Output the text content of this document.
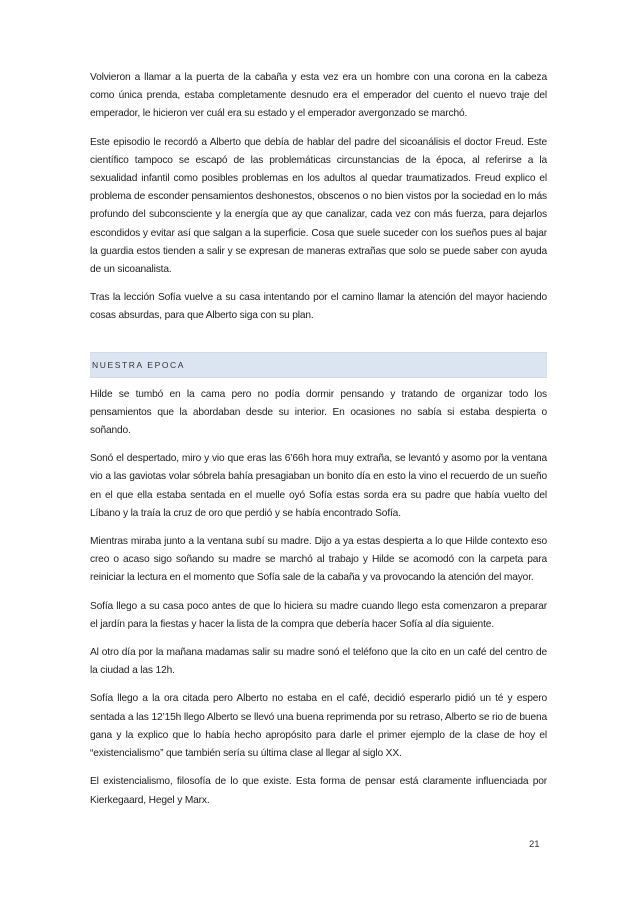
Volvieron a llamar a la puerta de la cabaña y esta vez era un hombre con una corona en la cabeza como única prenda, estaba completamente desnudo era el emperador del cuento el nuevo traje del emperador, le hicieron ver cuál era su estado y el emperador avergonzado se marchó.

Este episodio le recordó a Alberto que debía de hablar del padre del sicoanálisis el doctor Freud. Este científico tampoco se escapó de las problemáticas circunstancias de la época, al referirse a la sexualidad infantil como posibles problemas en los adultos al quedar traumatizados. Freud explico el problema de esconder pensamientos deshonestos, obscenos o no bien vistos por la sociedad en lo más profundo del subconsciente y la energía que ay que canalizar, cada vez con más fuerza, para dejarlos escondidos y evitar así que salgan a la superficie. Cosa que suele suceder con los sueños pues al bajar la guardia estos tienden a salir y se expresan de maneras extrañas que solo se puede saber con ayuda de un sicoanalista.

Tras la lección Sofía vuelve a su casa intentando por el camino llamar la atención del mayor haciendo cosas absurdas, para que Alberto siga con su plan.

NUESTRA EPOCA

Hilde se tumbó en la cama pero no podía dormir pensando y tratando de organizar todo los pensamientos que la abordaban desde su interior. En ocasiones no sabía si estaba despierta o soñando.

Sonó el despertado, miro y vio que eras las 6’66h hora muy extraña, se levantó y asomo por la ventana vio a las gaviotas volar sóbrela bahía presagiaban un bonito día en esto la vino el recuerdo de un sueño en el que ella estaba sentada en el muelle oyó Sofía estas sorda era su padre que había vuelto del Líbano y la traía la cruz de oro que perdió y se había encontrado Sofía.

Mientras miraba junto a la ventana subí su madre. Dijo a ya estas despierta a lo que Hilde contexto eso creo o acaso sigo soñando su madre se marchó al trabajo y Hilde se acomodó con la carpeta para reiniciar la lectura en el momento que Sofía sale de la cabaña y va provocando la atención del mayor.

Sofía llego a su casa poco antes de que lo hiciera su madre cuando llego esta comenzaron a preparar el jardín para la fiestas y hacer la lista de la compra que debería hacer Sofía al día siguiente.

Al otro día por la mañana madamas salir su madre sonó el teléfono que la cito en un café del centro de la ciudad a las 12h.

Sofía llego a la ora citada pero Alberto no estaba en el café, decidió esperarlo pidió un té y espero sentada a las 12’15h llego Alberto se llevó una buena reprimenda por su retraso, Alberto se rio de buena gana y la explico que lo había hecho apropósito para darle el primer ejemplo de la clase de hoy el “existencialismo” que también sería su última clase al llegar al siglo XX.

El existencialismo, filosofía de lo que existe. Esta forma de pensar está claramente influenciada por Kierkegaard, Hegel y Marx.

21
